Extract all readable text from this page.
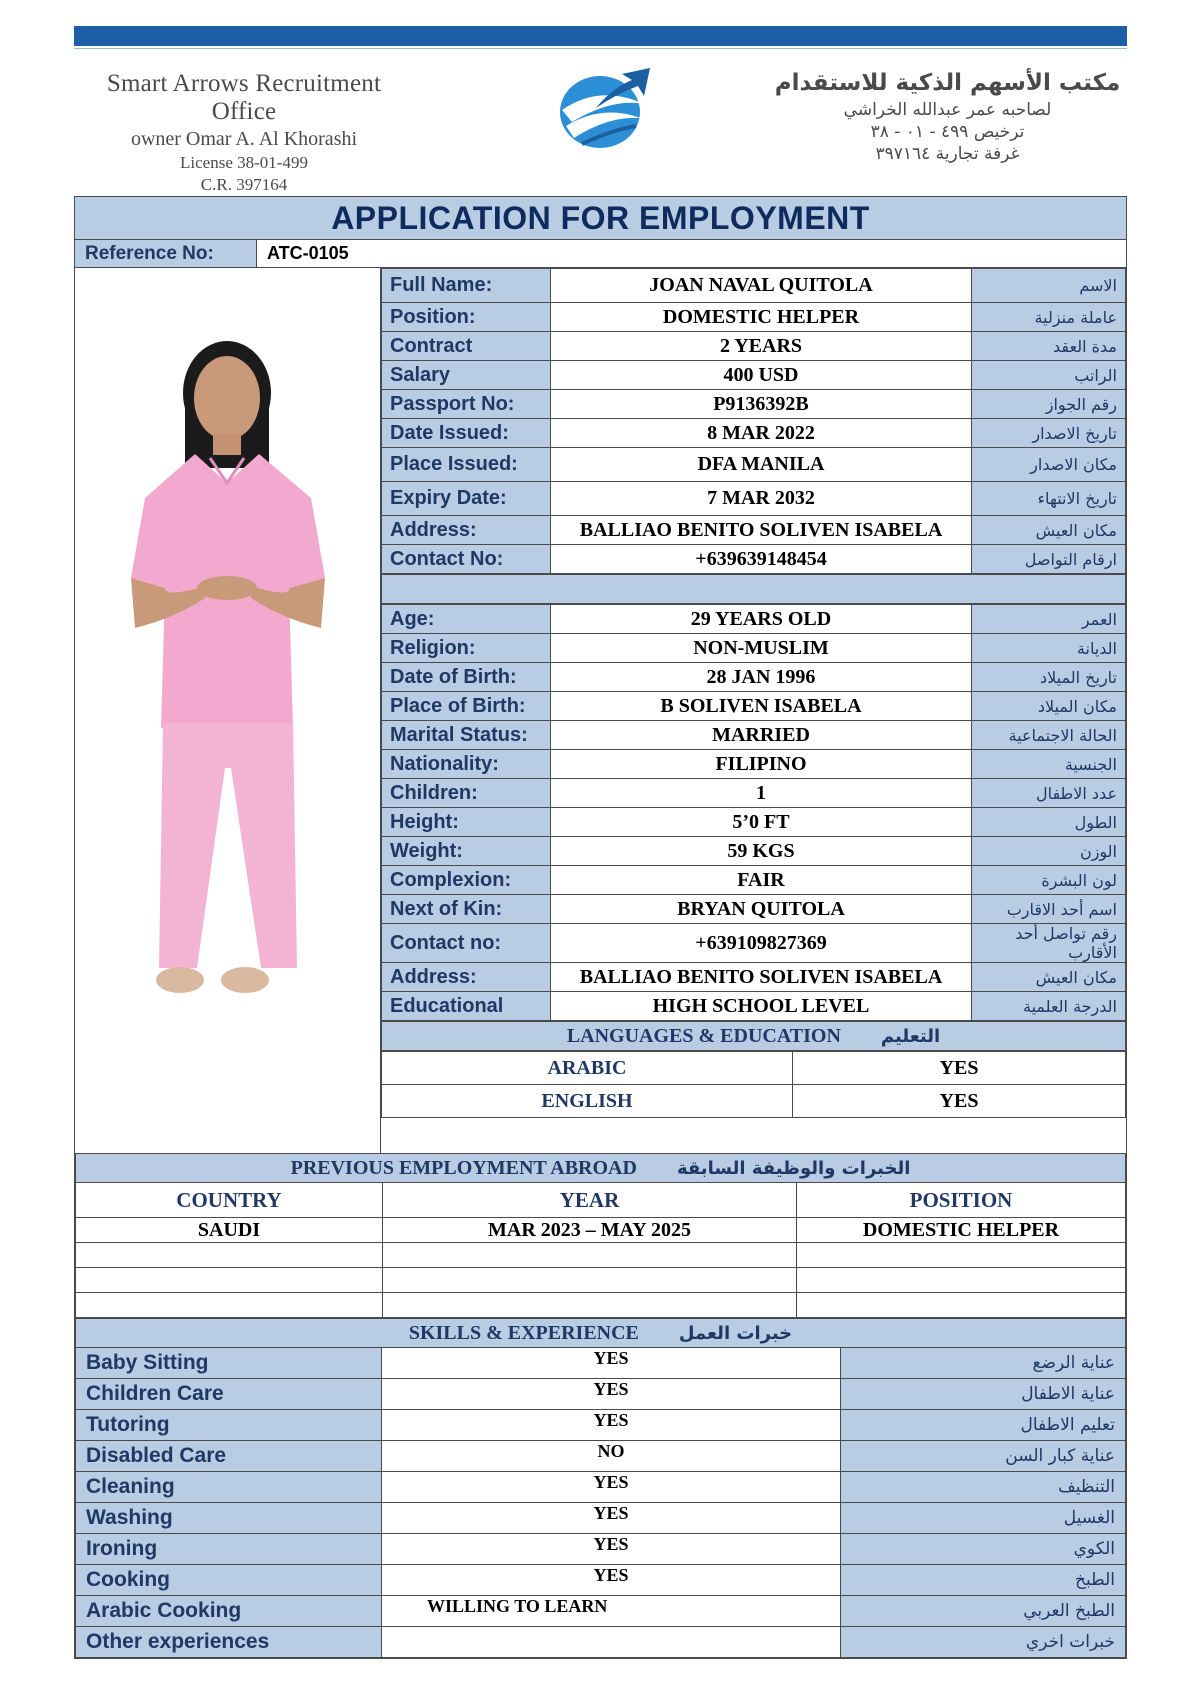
Smart Arrows Recruitment Office
owner Omar A. Al Khorashi
License 38-01-499
C.R. 397164
مكتب الأسهم الذكية للاستقدام
لصاحبه عمر عبدالله الخراشي
ترخيص ٤٩٩ - ٠١ - ٣٨
غرفة تجارية ٣٩٧١٦٤
APPLICATION FOR EMPLOYMENT
Reference No:	ATC-0105
Full Name:	JOAN NAVAL QUITOLA	الاسم
Position:	DOMESTIC HELPER	عاملة منزلية
Contract	2 YEARS	مدة العقد
Salary	400 USD	الراتب
Passport No:	P9136392B	رقم الجواز
Date Issued:	8 MAR 2022	تاريخ الاصدار
Place Issued:	DFA MANILA	مكان الاصدار
Expiry Date:	7 MAR 2032	تاريخ الانتهاء
Address:	BALLIAO BENITO SOLIVEN ISABELA	مكان العيش
Contact No:	+639639148454	ارقام التواصل
Age:	29 YEARS OLD	العمر
Religion:	NON-MUSLIM	الديانة
Date of Birth:	28 JAN 1996	تاريخ الميلاد
Place of Birth:	B SOLIVEN ISABELA	مكان الميلاد
Marital Status:	MARRIED	الحالة الاجتماعية
Nationality:	FILIPINO	الجنسية
Children:	1	عدد الاطفال
Height:	5’0 FT	الطول
Weight:	59 KGS	الوزن
Complexion:	FAIR	لون البشرة
Next of Kin:	BRYAN QUITOLA	اسم أحد الاقارب
Contact no:	+639109827369	رقم تواصل أحد الأقارب
Address:	BALLIAO BENITO SOLIVEN ISABELA	مكان العيش
Educational	HIGH SCHOOL LEVEL	الدرجة العلمية
LANGUAGES & EDUCATION التعليم
ARABIC	YES
ENGLISH	YES
PREVIOUS EMPLOYMENT ABROAD الخبرات والوظيفة السابقة		
COUNTRY	YEAR	POSITION
SAUDI	MAR 2023 – MAY 2025	DOMESTIC HELPER

SKILLS & EXPERIENCE خبرات العمل		
Baby Sitting	YES	عناية الرضع
Children Care	YES	عناية الاطفال
Tutoring	YES	تعليم الاطفال
Disabled Care	NO	عناية كبار السن
Cleaning	YES	التنظيف
Washing	YES	الغسيل
Ironing	YES	الكوي
Cooking	YES	الطبخ
Arabic Cooking	WILLING TO LEARN	الطبخ العربي
Other experiences		خبرات اخري
